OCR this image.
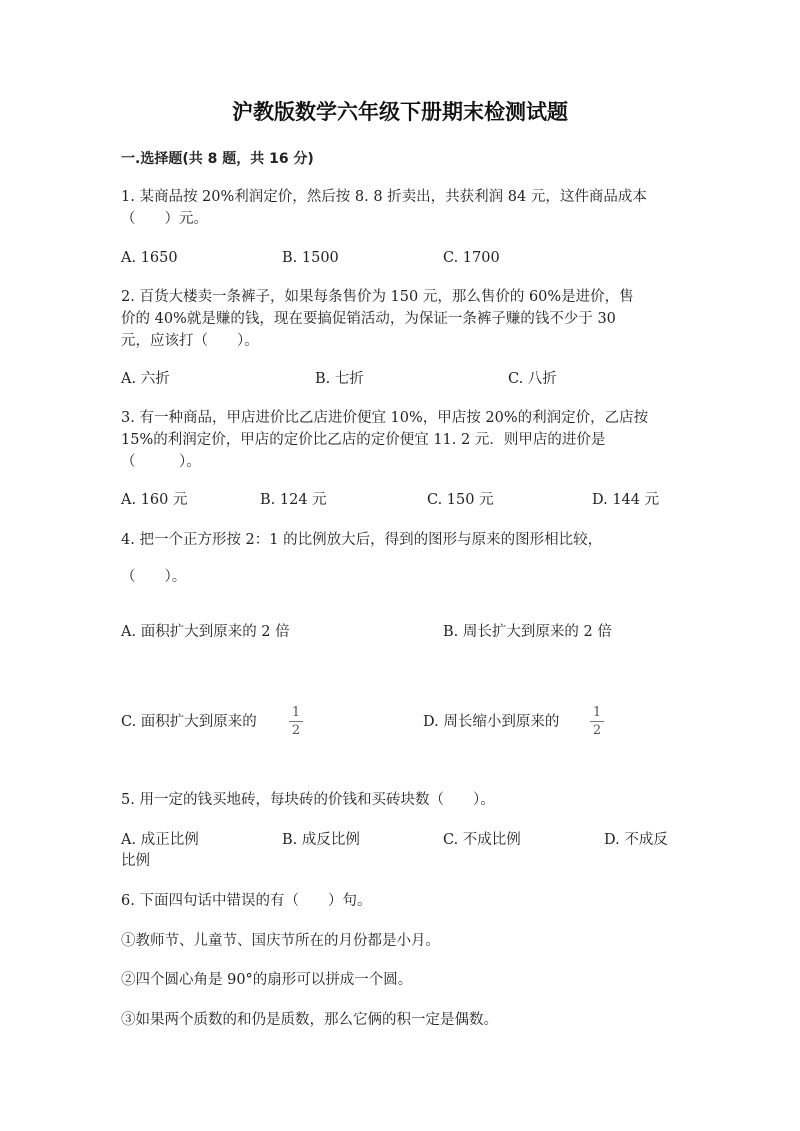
沪教版数学六年级下册期末检测试题
一.选择题(共 8 题，共 16 分)
1. 某商品按 20%利润定价，然后按 8. 8 折卖出，共获利润 84 元，这件商品成本
（　　）元。
A. 1650	B. 1500	C. 1700
2. 百货大楼卖一条裤子，如果每条售价为 150 元，那么售价的 60%是进价，售
价的 40%就是赚的钱，现在要搞促销活动，为保证一条裤子赚的钱不少于 30
元，应该打（　　）。
A. 六折	B. 七折	C. 八折
3. 有一种商品，甲店进价比乙店进价便宜 10%，甲店按 20%的利润定价，乙店按
15%的利润定价，甲店的定价比乙店的定价便宜 11. 2 元．则甲店的进价是
（　　　）。
A. 160 元	B. 124 元	C. 150 元	D. 144 元
4. 把一个正方形按 2：1 的比例放大后，得到的图形与原来的图形相比较，
（　　）。
A. 面积扩大到原来的 2 倍	B. 周长扩大到原来的 2 倍
C. 面积扩大到原来的
1
2
D. 周长缩小到原来的
1
2
5. 用一定的钱买地砖，每块砖的价钱和买砖块数（　　）。
A. 成正比例	B. 成反比例	C. 不成比例	D. 不成反
比例
6. 下面四句话中错误的有（　　）句。
①教师节、儿童节、国庆节所在的月份都是小月。
②四个圆心角是 90°的扇形可以拼成一个圆。
③如果两个质数的和仍是质数，那么它俩的积一定是偶数。
